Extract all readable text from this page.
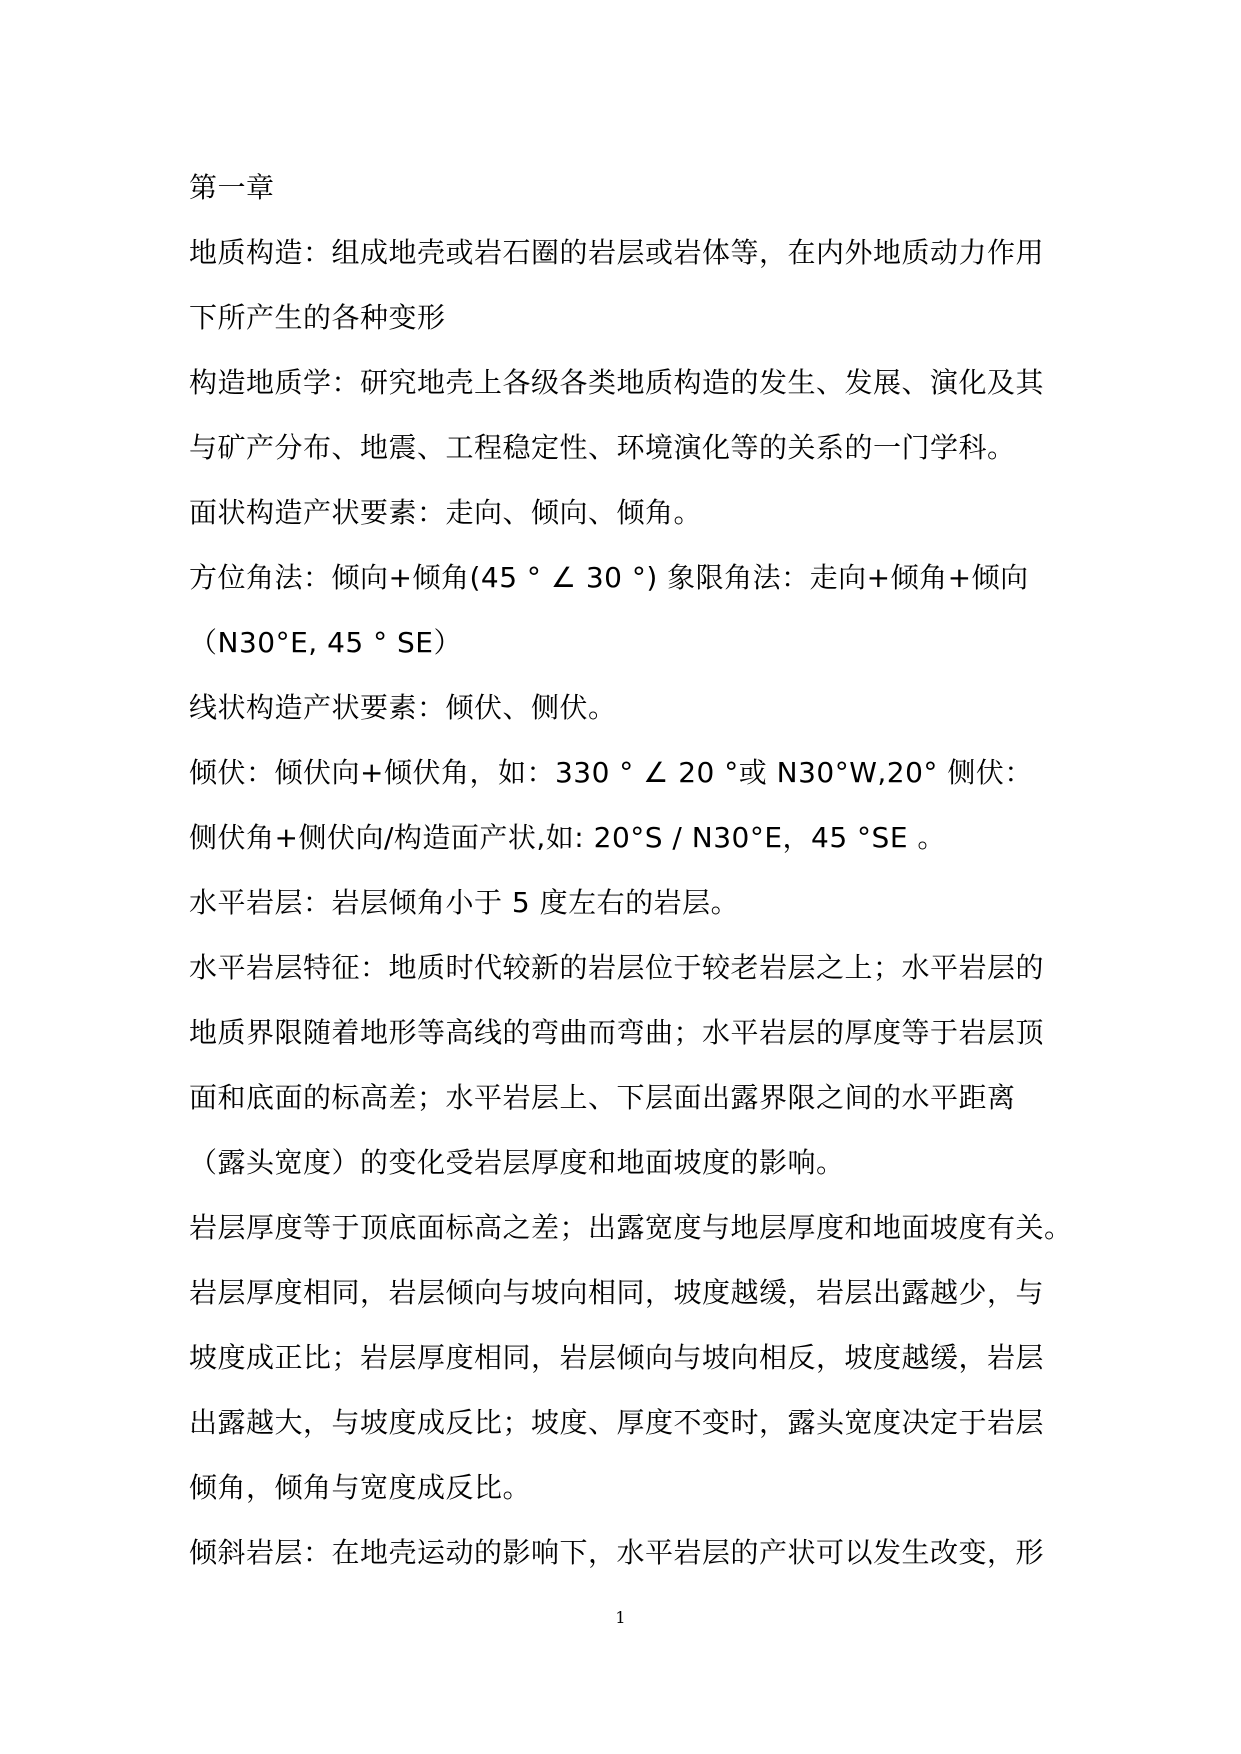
第一章
地质构造：组成地壳或岩石圈的岩层或岩体等，在内外地质动力作用
下所产生的各种变形
构造地质学：研究地壳上各级各类地质构造的发生、发展、演化及其
与矿产分布、地震、工程稳定性、环境演化等的关系的一门学科。
面状构造产状要素：走向、倾向、倾角。
方位角法：倾向+倾角(45 ° ∠ 30 °) 象限角法：走向+倾角+倾向
（N30°E, 45 ° SE）
线状构造产状要素：倾伏、侧伏。
倾伏：倾伏向+倾伏角，如：330 ° ∠ 20 °或 N30°W,20° 侧伏：
侧伏角+侧伏向/构造面产状,如: 20°S / N30°E，45 °SE 。
水平岩层：岩层倾角小于 5 度左右的岩层。
水平岩层特征：地质时代较新的岩层位于较老岩层之上；水平岩层的
地质界限随着地形等高线的弯曲而弯曲；水平岩层的厚度等于岩层顶
面和底面的标高差；水平岩层上、下层面出露界限之间的水平距离
（露头宽度）的变化受岩层厚度和地面坡度的影响。
岩层厚度等于顶底面标高之差；出露宽度与地层厚度和地面坡度有关。
岩层厚度相同，岩层倾向与坡向相同，坡度越缓，岩层出露越少，与
坡度成正比；岩层厚度相同，岩层倾向与坡向相反，坡度越缓，岩层
出露越大，与坡度成反比；坡度、厚度不变时，露头宽度决定于岩层
倾角，倾角与宽度成反比。
倾斜岩层：在地壳运动的影响下，水平岩层的产状可以发生改变，形
1
